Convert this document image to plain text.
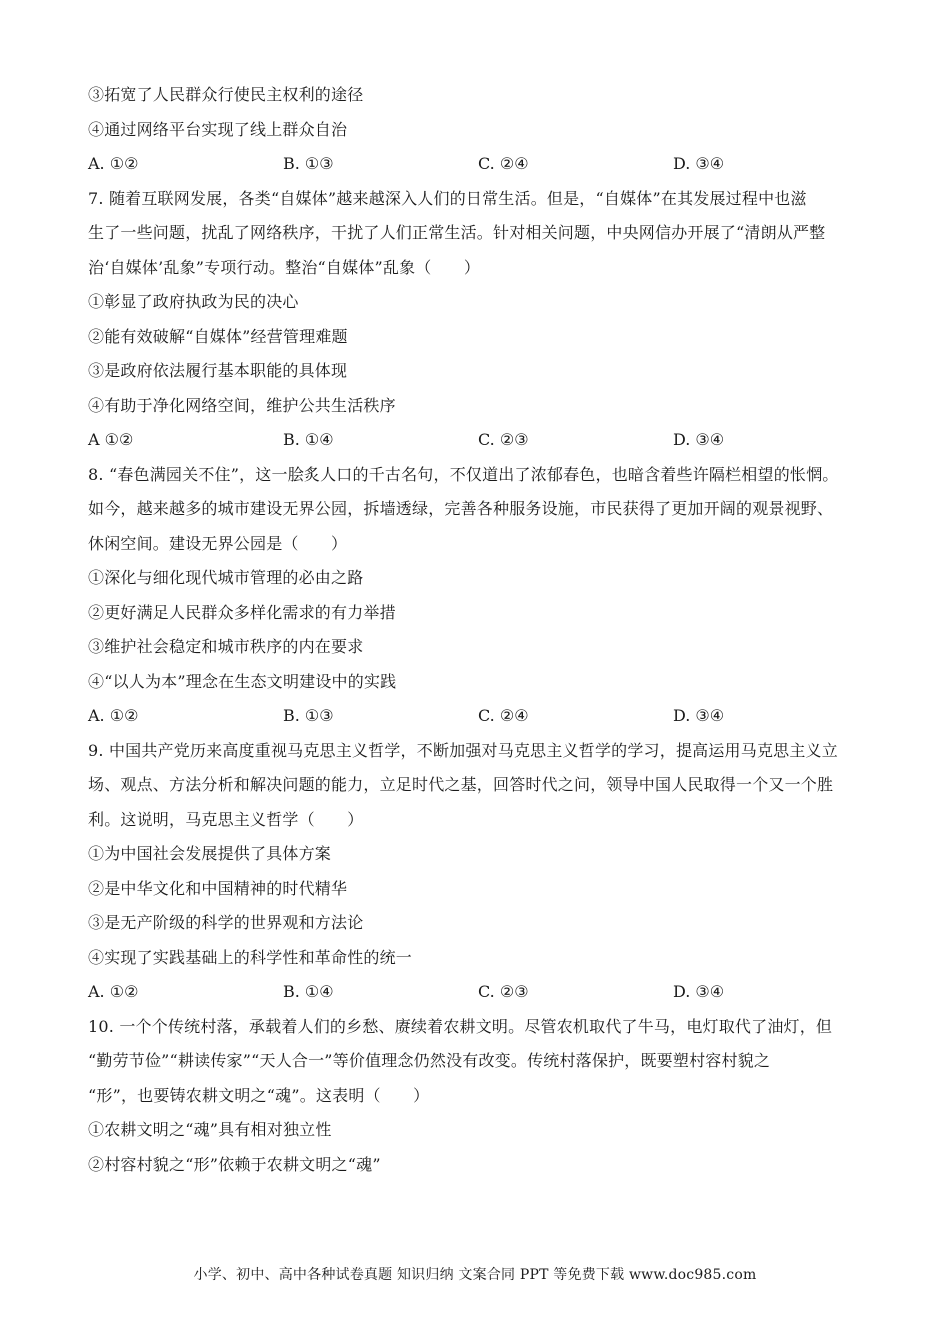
③拓宽了人民群众行使民主权利的途径
④通过网络平台实现了线上群众自治
A. ①②	B. ①③	C. ②④	D. ③④
7. 随着互联网发展，各类“自媒体”越来越深入人们的日常生活。但是，“自媒体”在其发展过程中也滋
生了一些问题，扰乱了网络秩序，干扰了人们正常生活。针对相关问题，中央网信办开展了“清朗从严整
治‘自媒体’乱象”专项行动。整治“自媒体”乱象（　　）
①彰显了政府执政为民的决心
②能有效破解“自媒体”经营管理难题
③是政府依法履行基本职能的具体现
④有助于净化网络空间，维护公共生活秩序
A ①②	B. ①④	C. ②③	D. ③④
8. “春色满园关不住”，这一脍炙人口的千古名句，不仅道出了浓郁春色，也暗含着些许隔栏相望的怅惘。
如今，越来越多的城市建设无界公园，拆墙透绿，完善各种服务设施，市民获得了更加开阔的观景视野、
休闲空间。建设无界公园是（　　）
①深化与细化现代城市管理的必由之路
②更好满足人民群众多样化需求的有力举措
③维护社会稳定和城市秩序的内在要求
④“以人为本”理念在生态文明建设中的实践
A. ①②	B. ①③	C. ②④	D. ③④
9. 中国共产党历来高度重视马克思主义哲学，不断加强对马克思主义哲学的学习，提高运用马克思主义立
场、观点、方法分析和解决问题的能力，立足时代之基，回答时代之问，领导中国人民取得一个又一个胜
利。这说明，马克思主义哲学（　　）
①为中国社会发展提供了具体方案
②是中华文化和中国精神的时代精华
③是无产阶级的科学的世界观和方法论
④实现了实践基础上的科学性和革命性的统一
A. ①②	B. ①④	C. ②③	D. ③④
10. 一个个传统村落，承载着人们的乡愁、赓续着农耕文明。尽管农机取代了牛马，电灯取代了油灯，但
“勤劳节俭”“耕读传家”“天人合一”等价值理念仍然没有改变。传统村落保护，既要塑村容村貌之
“形”，也要铸农耕文明之“魂”。这表明（　　）
①农耕文明之“魂”具有相对独立性
②村容村貌之“形”依赖于农耕文明之“魂”
小学、初中、高中各种试卷真题 知识归纳 文案合同 PPT 等免费下载 www.doc985.com
